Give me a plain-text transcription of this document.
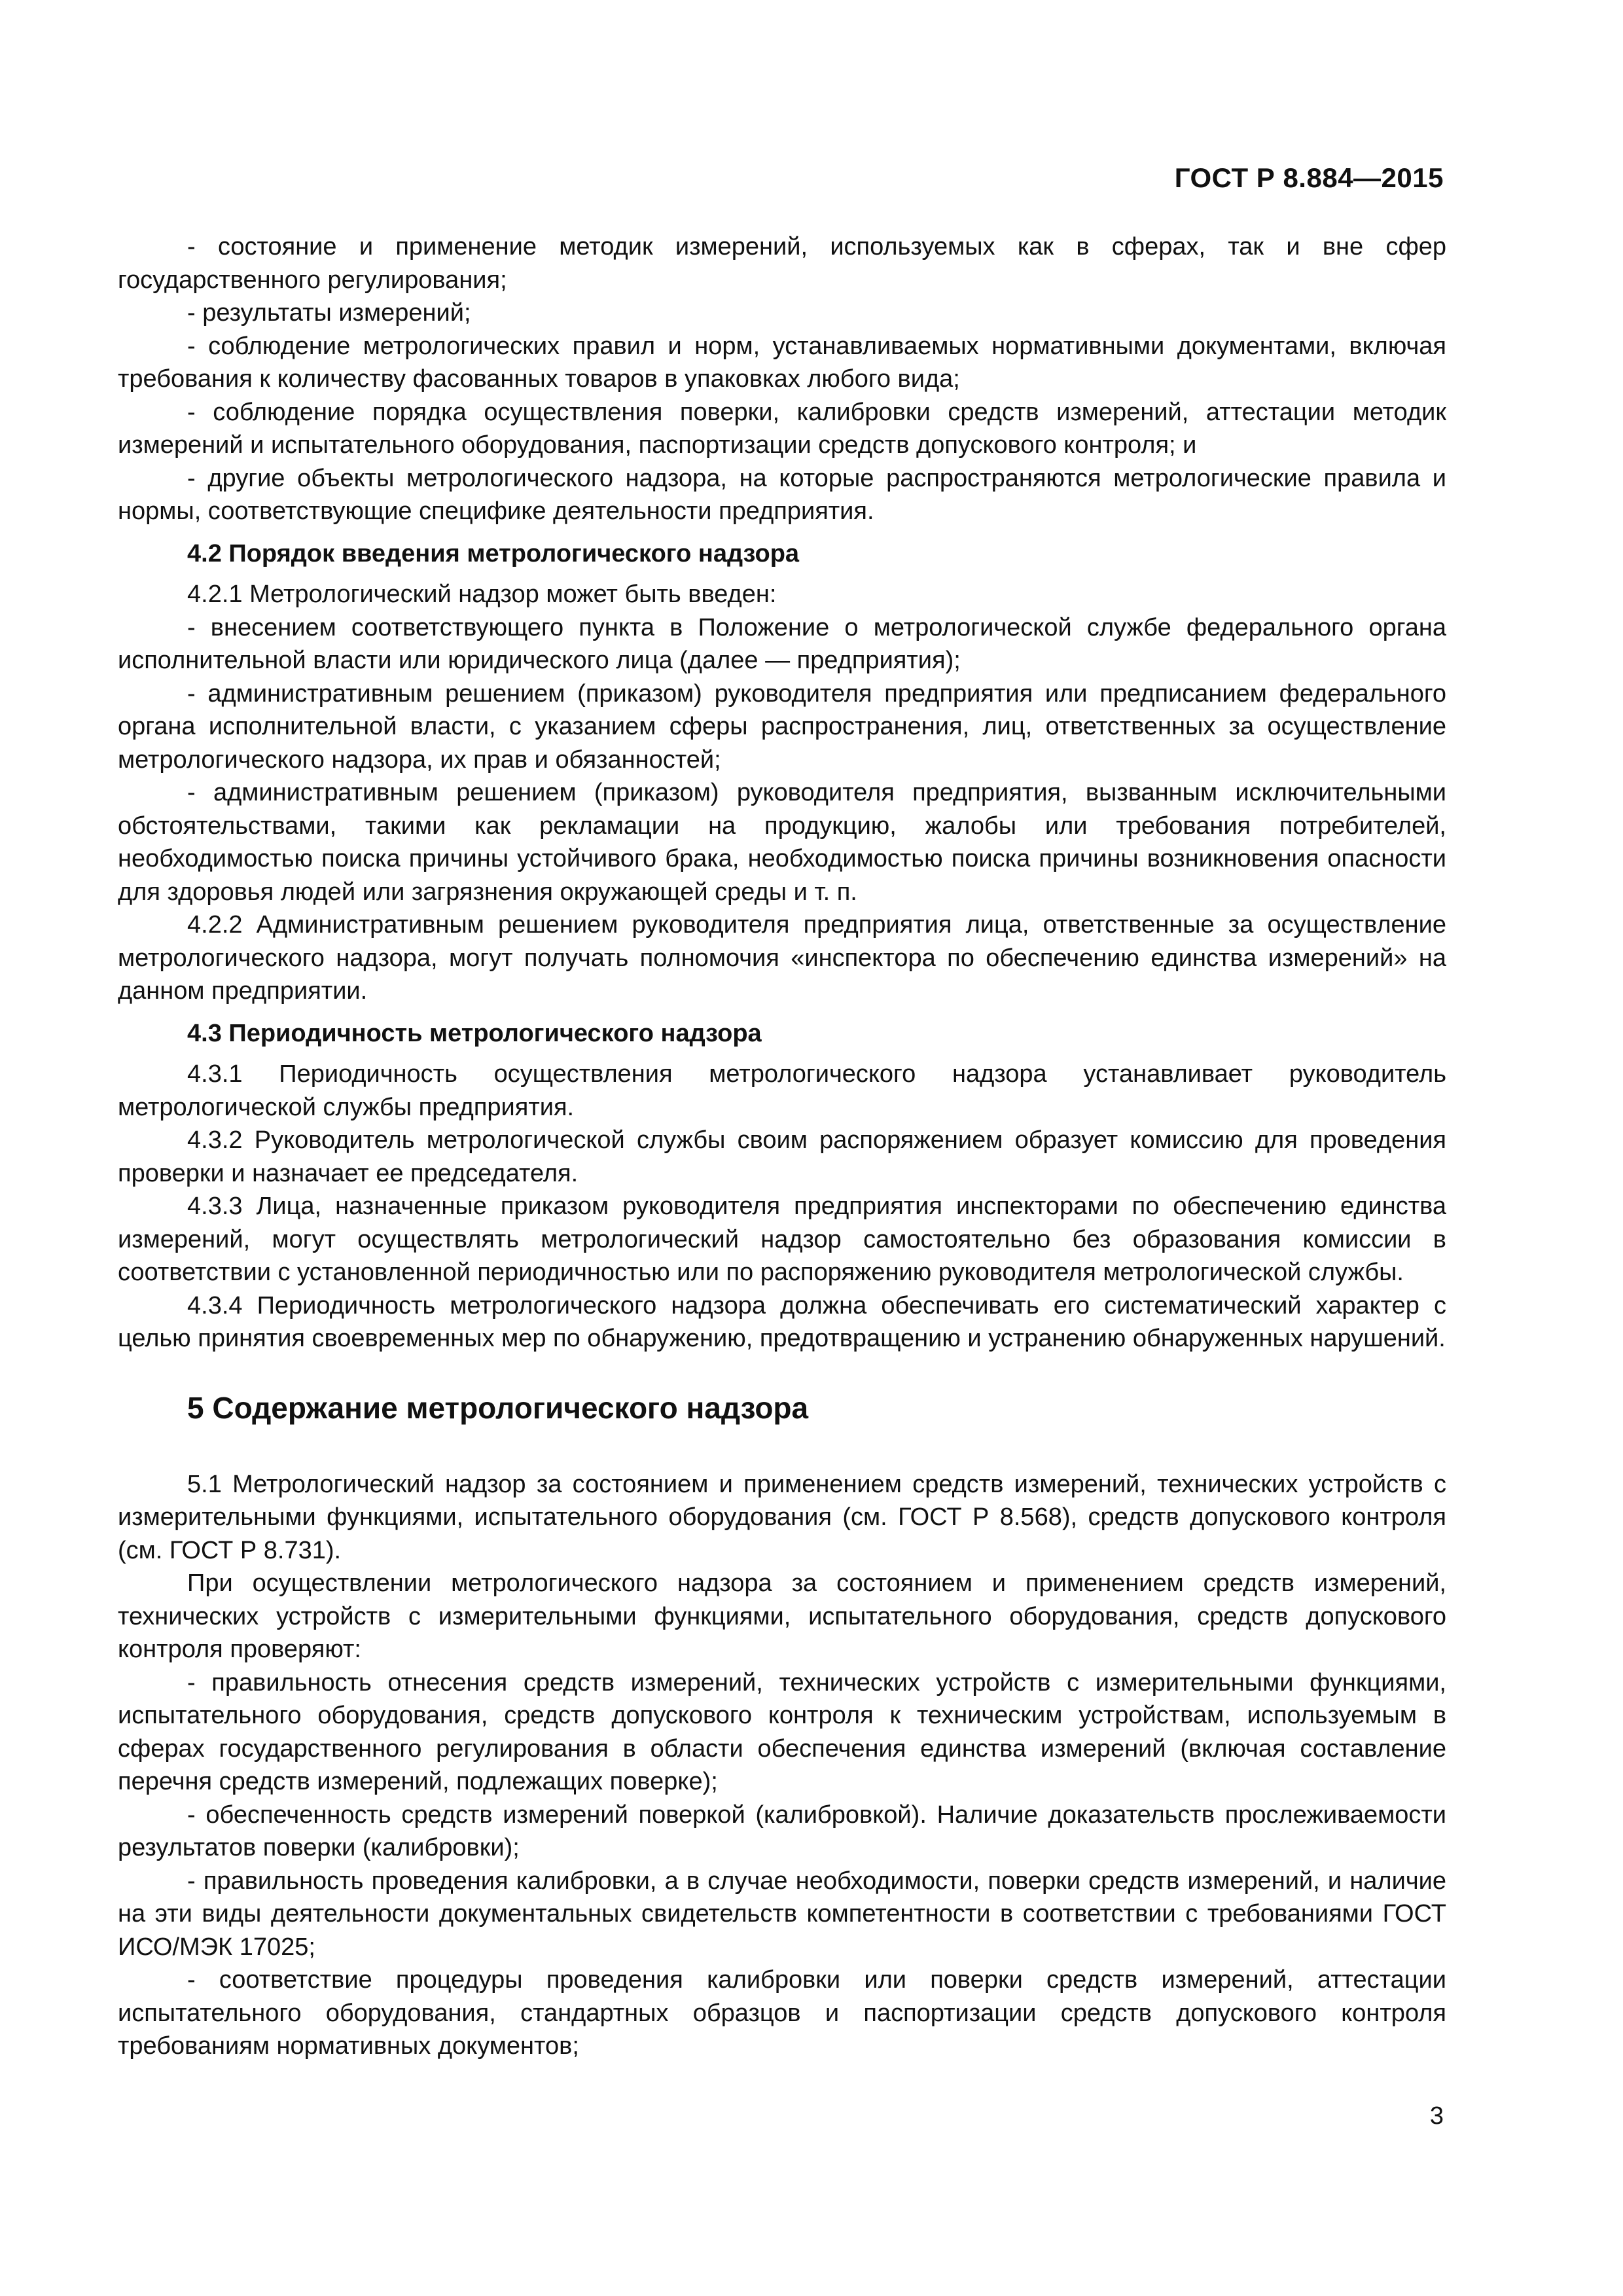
ГОСТ Р 8.884—2015

- состояние и применение методик измерений, используемых как в сферах, так и вне сфер государственного регулирования;

- результаты измерений;

- соблюдение метрологических правил и норм, устанавливаемых нормативными документами, включая требования к количеству фасованных товаров в упаковках любого вида;

- соблюдение порядка осуществления поверки, калибровки средств измерений, аттестации методик измерений и испытательного оборудования, паспортизации средств допускового контроля; и

- другие объекты метрологического надзора, на которые распространяются метрологические правила и нормы, соответствующие специфике деятельности предприятия.

4.2 Порядок введения метрологического надзора

4.2.1 Метрологический надзор может быть введен:

- внесением соответствующего пункта в Положение о метрологической службе федерального органа исполнительной власти или юридического лица (далее — предприятия);

- административным решением (приказом) руководителя предприятия или предписанием федерального органа исполнительной власти, с указанием сферы распространения, лиц, ответственных за осуществление метрологического надзора, их прав и обязанностей;

- административным решением (приказом) руководителя предприятия, вызванным исключительными обстоятельствами, такими как рекламации на продукцию, жалобы или требования потребителей, необходимостью поиска причины устойчивого брака, необходимостью поиска причины возникновения опасности для здоровья людей или загрязнения окружающей среды и т. п.

4.2.2 Административным решением руководителя предприятия лица, ответственные за осуществление метрологического надзора, могут получать полномочия «инспектора по обеспечению единства измерений» на данном предприятии.

4.3 Периодичность метрологического надзора

4.3.1 Периодичность осуществления метрологического надзора устанавливает руководитель метрологической службы предприятия.

4.3.2 Руководитель метрологической службы своим распоряжением образует комиссию для проведения проверки и назначает ее председателя.

4.3.3 Лица, назначенные приказом руководителя предприятия инспекторами по обеспечению единства измерений, могут осуществлять метрологический надзор самостоятельно без образования комиссии в соответствии с установленной периодичностью или по распоряжению руководителя метрологической службы.

4.3.4 Периодичность метрологического надзора должна обеспечивать его систематический характер с целью принятия своевременных мер по обнаружению, предотвращению и устранению обнаруженных нарушений.

5 Содержание метрологического надзора

5.1 Метрологический надзор за состоянием и применением средств измерений, технических устройств с измерительными функциями, испытательного оборудования (см. ГОСТ Р 8.568), средств допускового контроля (см. ГОСТ Р 8.731).

При осуществлении метрологического надзора за состоянием и применением средств измерений, технических устройств с измерительными функциями, испытательного оборудования, средств допускового контроля проверяют:

- правильность отнесения средств измерений, технических устройств с измерительными функциями, испытательного оборудования, средств допускового контроля к техническим устройствам, используемым в сферах государственного регулирования в области обеспечения единства измерений (включая составление перечня средств измерений, подлежащих поверке);

- обеспеченность средств измерений поверкой (калибровкой). Наличие доказательств прослеживаемости результатов поверки (калибровки);

- правильность проведения калибровки, а в случае необходимости, поверки средств измерений, и наличие на эти виды деятельности документальных свидетельств компетентности в соответствии с требованиями ГОСТ ИСО/МЭК 17025;

- соответствие процедуры проведения калибровки или поверки средств измерений, аттестации испытательного оборудования, стандартных образцов и паспортизации средств допускового контроля требованиям нормативных документов;

3
